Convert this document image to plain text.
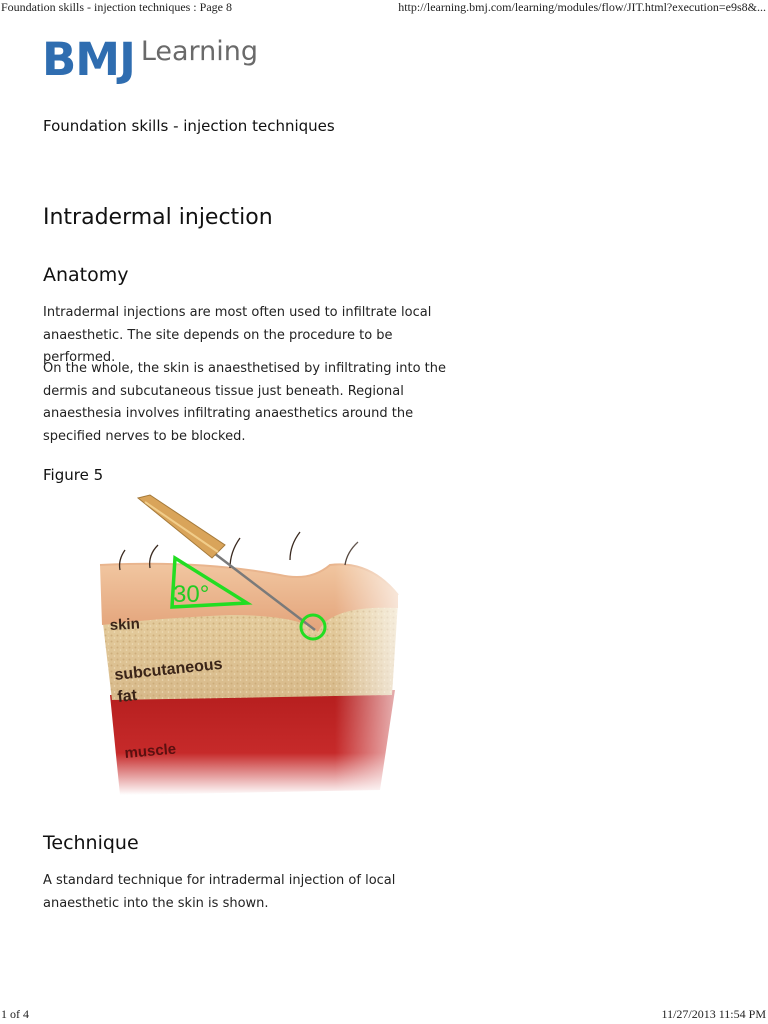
Foundation skills - injection techniques : Page 8	http://learning.bmj.com/learning/modules/flow/JIT.html?execution=e9s8&...
BMJ Learning
Foundation skills - injection techniques
Intradermal injection
Anatomy

Intradermal injections are most often used to infiltrate local anaesthetic. The site depends on the procedure to be performed.

On the whole, the skin is anaesthetised by infiltrating into the dermis and subcutaneous tissue just beneath. Regional anaesthesia involves infiltrating anaesthetics around the specified nerves to be blocked.

Figure 5
Technique

A standard technique for intradermal injection of local anaesthetic into the skin is shown.

1 of 4	11/27/2013 11:54 PM
